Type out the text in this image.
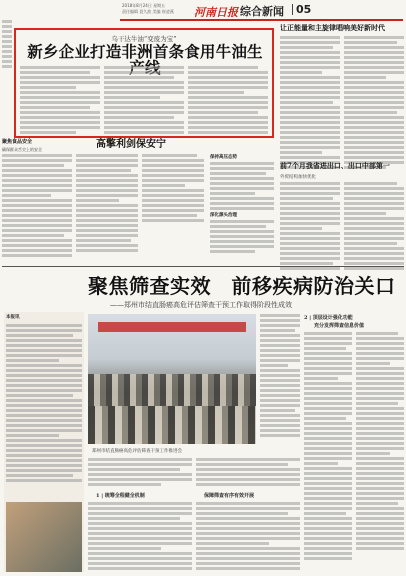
2018年8月24日 星期五
责任编辑 聂久波 美编 崔凌燕 河南日报 综合新闻 05
乌干达牛油“变废为宝”
新乡企业打造非洲首条食用牛油生
让正能量和主旋律唱响美好新时代
前7个月我省进出口、出口中部第一
外贸结构加快优化
聚焦食品安全
确保群众舌尖上的安全	高擎利剑保安宁
保持高压态势
深化源头治理
聚焦筛查实效　前移疾病防治关口
——郑州市结直肠癌高危评估筛查干预工作取得阶段性成效
本报讯	2 | 顶层设计强化功能
充分发挥筛查信息价值
郑州市结直肠癌高危评估筛查干预工作推进会
1 | 统筹全程健全机制	保障筛查有序有效开展
